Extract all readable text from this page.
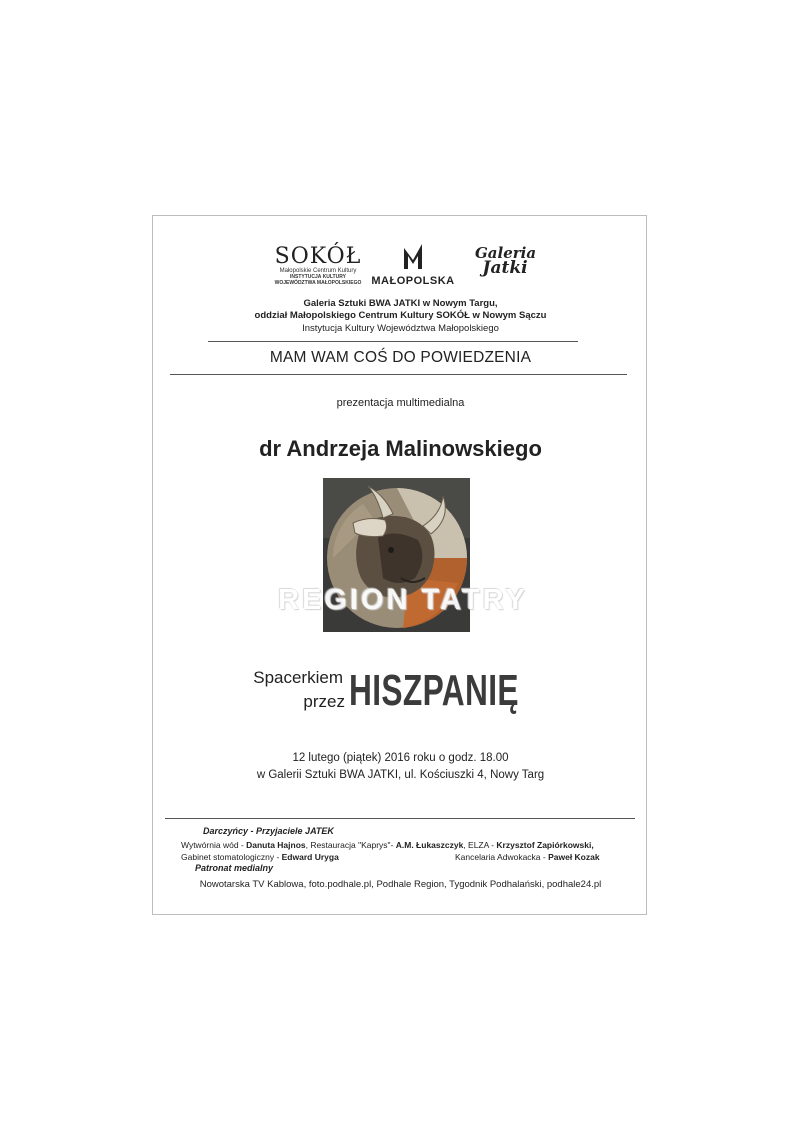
SOKÓŁ
Małopolskie Centrum Kultury
INSTYTUCJA KULTURY
WOJEWÓDZTWA MAŁOPOLSKIEGO MAŁOPOLSKA
Galeria
Jatki
Galeria Sztuki BWA JATKI w Nowym Targu,
oddział Małopolskiego Centrum Kultury SOKÓŁ w Nowym Sączu
Instytucja Kultury Województwa Małopolskiego
MAM WAM COŚ DO POWIEDZENIA
prezentacja multimedialna
dr Andrzeja Malinowskiego
REGION TATRY
Spacerkiem
przez HISZPANIĘ
12 lutego (piątek) 2016 roku o godz. 18.00
w Galerii Sztuki BWA JATKI, ul. Kościuszki 4, Nowy Targ
Darczyńcy - Przyjaciele JATEK
Wytwórnia wód - Danuta Hajnos, Restauracja "Kaprys"- A.M. Łukaszczyk, ELZA - Krzysztof Zapiórkowski,
Gabinet stomatologiczny - Edward Uryga	Kancelaria Adwokacka - Paweł Kozak
Patronat medialny
Nowotarska TV Kablowa, foto.podhale.pl, Podhale Region, Tygodnik Podhalański, podhale24.pl
